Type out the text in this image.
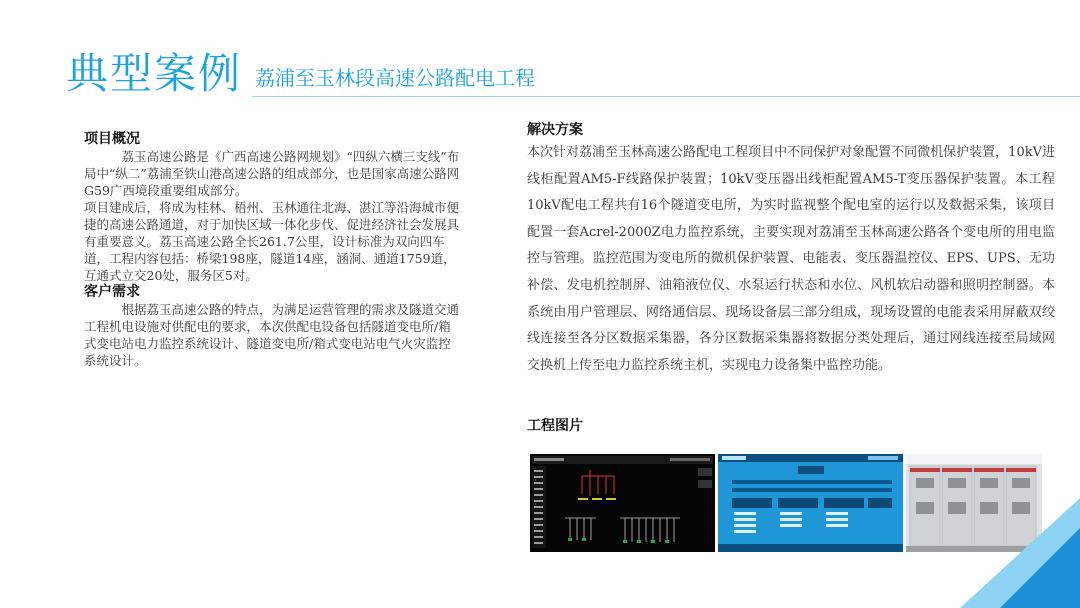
典型案例 荔浦至玉林段高速公路配电工程
项目概况

荔玉高速公路是《广西高速公路网规划》“四纵六横三支线”布局中“纵二”荔浦至铁山港高速公路的组成部分，也是国家高速公路网G59广西境段重要组成部分。

项目建成后，将成为桂林、梧州、玉林通往北海、湛江等沿海城市便捷的高速公路通道，对于加快区域一体化步伐、促进经济社会发展具有重要意义。荔玉高速公路全长261.7公里，设计标准为双向四车道，工程内容包括：桥梁198座，隧道14座，涵洞、通道1759道，互通式立交20处，服务区5对。

客户需求

根据荔玉高速公路的特点，为满足运营管理的需求及隧道交通工程机电设施对供配电的要求，本次供配电设备包括隧道变电所/箱式变电站电力监控系统设计、隧道变电所/箱式变电站电气火灾监控系统设计。

解决方案

本次针对荔浦至玉林高速公路配电工程项目中不同保护对象配置不同微机保护装置，10kV进线柜配置AM5-F线路保护装置；10kV变压器出线柜配置AM5-T变压器保护装置。本工程10kV配电工程共有16个隧道变电所，为实时监视整个配电室的运行以及数据采集，该项目配置一套Acrel-2000Z电力监控系统，主要实现对荔浦至玉林高速公路各个变电所的用电监控与管理。监控范围为变电所的微机保护装置、电能表、变压器温控仪、EPS、UPS、无功补偿、发电机控制屏、油箱液位仪、水泵运行状态和水位、风机软启动器和照明控制器。本系统由用户管理层、网络通信层、现场设备层三部分组成，现场设置的电能表采用屏蔽双绞线连接至各分区数据采集器，各分区数据采集器将数据分类处理后，通过网线连接至局域网交换机上传至电力监控系统主机，实现电力设备集中监控功能。

工程图片
